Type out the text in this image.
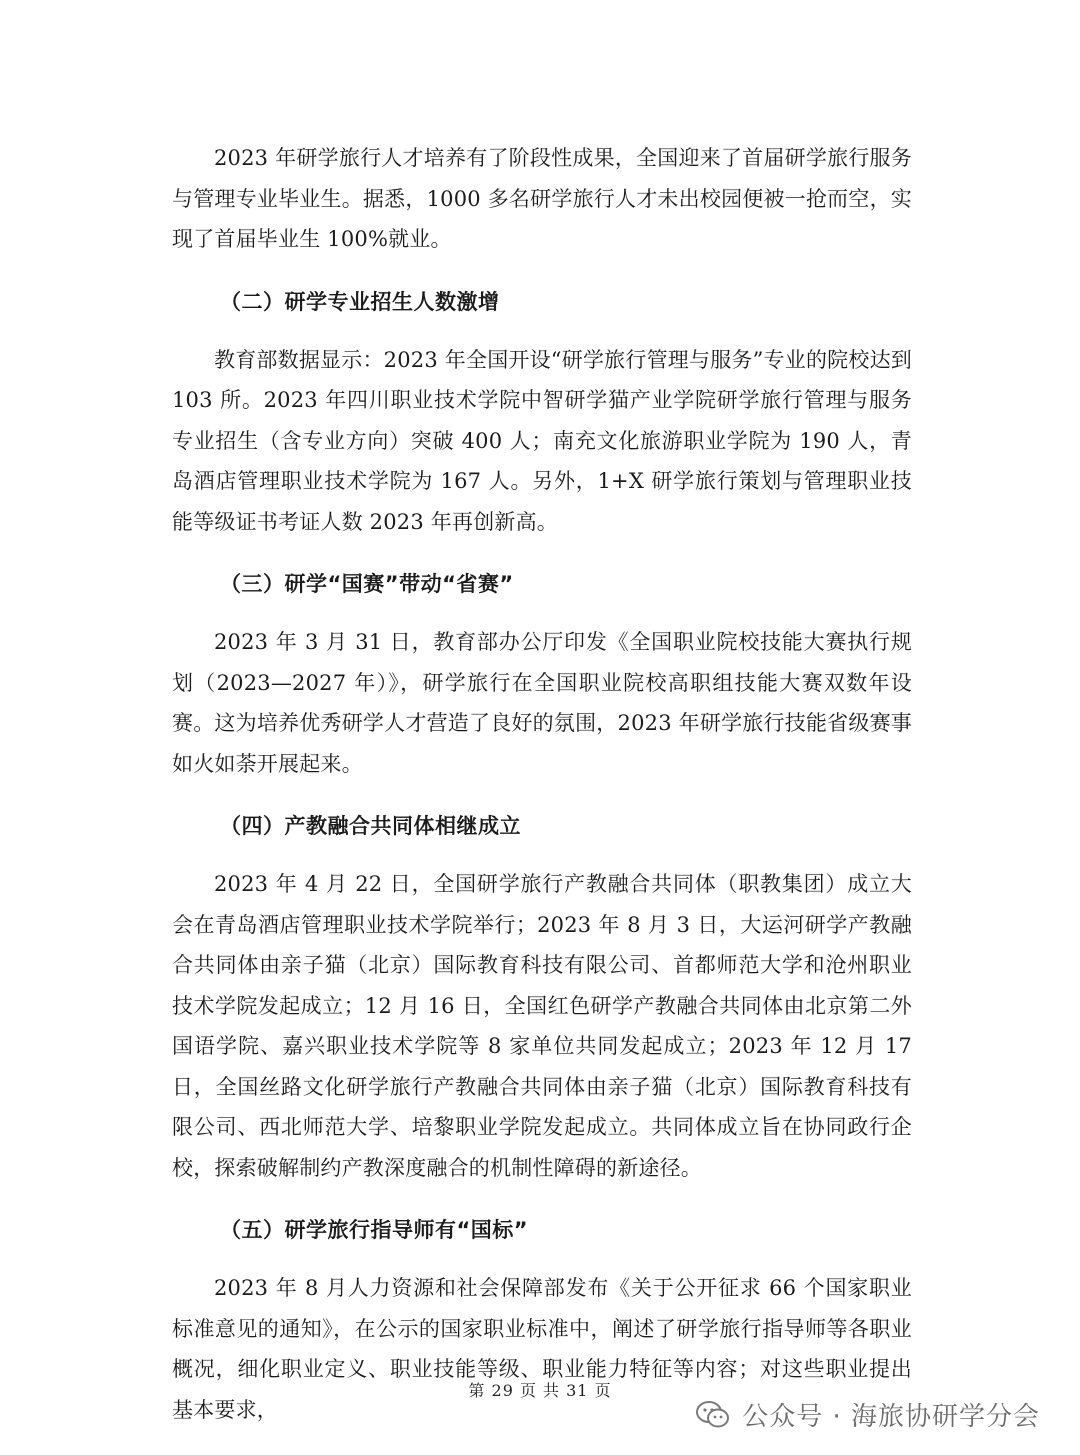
2023 年研学旅行人才培养有了阶段性成果，全国迎来了首届研学旅行服务与管理专业毕业生。据悉，1000 多名研学旅行人才未出校园便被一抢而空，实现了首届毕业生 100%就业。

（二）研学专业招生人数激增

教育部数据显示：2023 年全国开设“研学旅行管理与服务”专业的院校达到 103 所。2023 年四川职业技术学院中智研学猫产业学院研学旅行管理与服务专业招生（含专业方向）突破 400 人；南充文化旅游职业学院为 190 人，青岛酒店管理职业技术学院为 167 人。另外，1+X 研学旅行策划与管理职业技能等级证书考证人数 2023 年再创新高。

（三）研学“国赛”带动“省赛”

2023 年 3 月 31 日，教育部办公厅印发《全国职业院校技能大赛执行规划（2023—2027 年）》，研学旅行在全国职业院校高职组技能大赛双数年设赛。这为培养优秀研学人才营造了良好的氛围，2023 年研学旅行技能省级赛事如火如荼开展起来。

（四）产教融合共同体相继成立

2023 年 4 月 22 日，全国研学旅行产教融合共同体（职教集团）成立大会在青岛酒店管理职业技术学院举行；2023 年 8 月 3 日，大运河研学产教融合共同体由亲子猫（北京）国际教育科技有限公司、首都师范大学和沧州职业技术学院发起成立；12 月 16 日，全国红色研学产教融合共同体由北京第二外国语学院、嘉兴职业技术学院等 8 家单位共同发起成立；2023 年 12 月 17 日，全国丝路文化研学旅行产教融合共同体由亲子猫（北京）国际教育科技有限公司、西北师范大学、培黎职业学院发起成立。共同体成立旨在协同政行企校，探索破解制约产教深度融合的机制性障碍的新途径。

（五）研学旅行指导师有“国标”

2023 年 8 月人力资源和社会保障部发布《关于公开征求 66 个国家职业标准意见的通知》，在公示的国家职业标准中，阐述了研学旅行指导师等各职业概况，细化职业定义、职业技能等级、职业能力特征等内容；对这些职业提出基本要求，

第 29 页 共 31 页
公众号 · 海旅协研学分会
